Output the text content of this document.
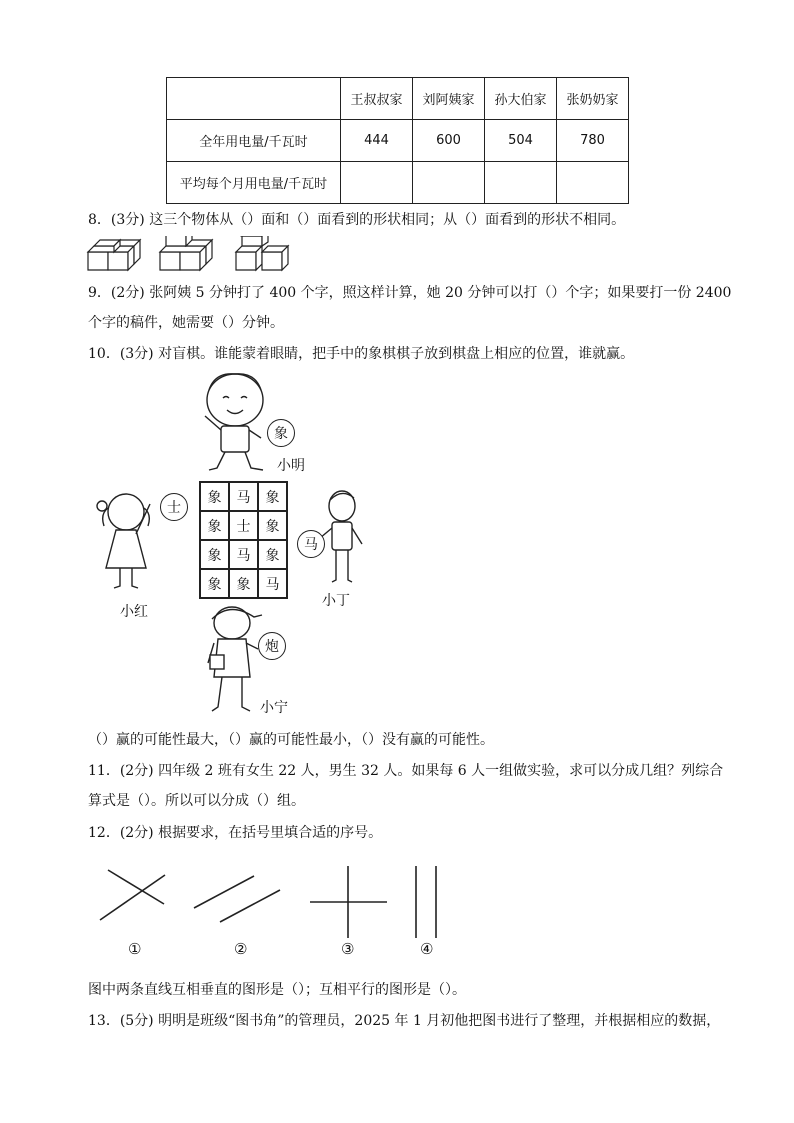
	王叔叔家	刘阿姨家	孙大伯家	张奶奶家
全年用电量/千瓦时	444	600	504	780
平均每个月用电量/千瓦时				
8．(3分) 这三个物体从（）面和（）面看到的形状相同；从（）面看到的形状不相同。
9．(2分) 张阿姨 5 分钟打了 400 个字，照这样计算，她 20 分钟可以打（）个字；如果要打一份 2400
个字的稿件，她需要（）分钟。
10．(3分) 对盲棋。谁能蒙着眼睛，把手中的象棋棋子放到棋盘上相应的位置，谁就赢。
象
小明
士
小红
象	马	象
象	士	象
象	马	象
象	象	马
马
小丁
炮
小宁
（）赢的可能性最大，（）赢的可能性最小，（）没有赢的可能性。
11．(2分) 四年级 2 班有女生 22 人，男生 32 人。如果每 6 人一组做实验，求可以分成几组？列综合
算式是（）。所以可以分成（）组。
12．(2分) 根据要求，在括号里填合适的序号。
①	②	③	④
图中两条直线互相垂直的图形是（）；互相平行的图形是（）。
13．(5分) 明明是班级“图书角”的管理员，2025 年 1 月初他把图书进行了整理，并根据相应的数据，
